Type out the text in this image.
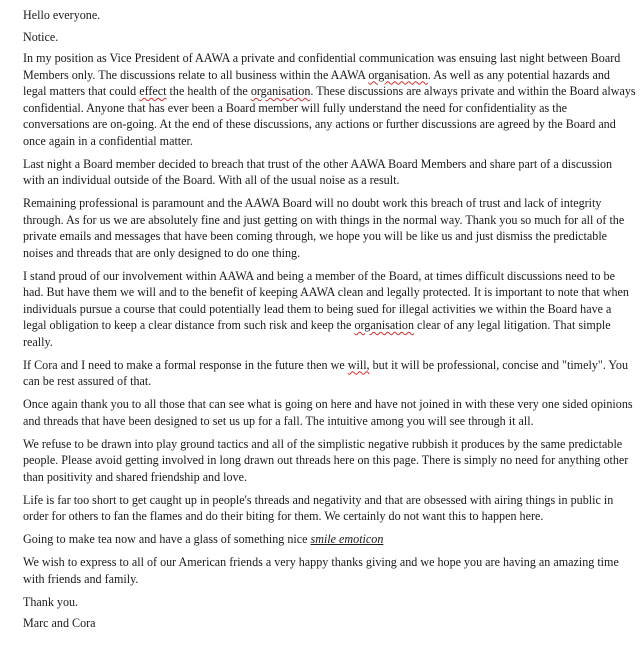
Hello everyone.

Notice.

In my position as Vice President of AAWA a private and confidential communication was ensuing last night between Board Members only. The discussions relate to all business within the AAWA organisation. As well as any potential hazards and legal matters that could effect the health of the organisation. These discussions are always private and within the Board always confidential. Anyone that has ever been a Board member will fully understand the need for confidentiality as the conversations are on-going. At the end of these discussions, any actions or further discussions are agreed by the Board and once again in a confidential matter.

Last night a Board member decided to breach that trust of the other AAWA Board Members and share part of a discussion with an individual outside of the Board. With all of the usual noise as a result.

Remaining professional is paramount and the AAWA Board will no doubt work this breach of trust and lack of integrity through. As for us we are absolutely fine and just getting on with things in the normal way. Thank you so much for all of the private emails and messages that have been coming through, we hope you will be like us and just dismiss the predictable noises and threads that are only designed to do one thing.

I stand proud of our involvement within AAWA and being a member of the Board, at times difficult discussions need to be had. But have them we will and to the benefit of keeping AAWA clean and legally protected. It is important to note that when individuals pursue a course that could potentially lead them to being sued for illegal activities we within the Board have a legal obligation to keep a clear distance from such risk and keep the organisation clear of any legal litigation. That simple really.

If Cora and I need to make a formal response in the future then we will, but it will be professional, concise and "timely". You can be rest assured of that.

Once again thank you to all those that can see what is going on here and have not joined in with these very one sided opinions and threads that have been designed to set us up for a fall. The intuitive among you will see through it all.

We refuse to be drawn into play ground tactics and all of the simplistic negative rubbish it produces by the same predictable people. Please avoid getting involved in long drawn out threads here on this page. There is simply no need for anything other than positivity and shared friendship and love.

Life is far too short to get caught up in people's threads and negativity and that are obsessed with airing things in public in order for others to fan the flames and do their biting for them. We certainly do not want this to happen here.

Going to make tea now and have a glass of something nice smile emoticon

We wish to express to all of our American friends a very happy thanks giving and we hope you are having an amazing time with friends and family.

Thank you.

Marc and Cora
